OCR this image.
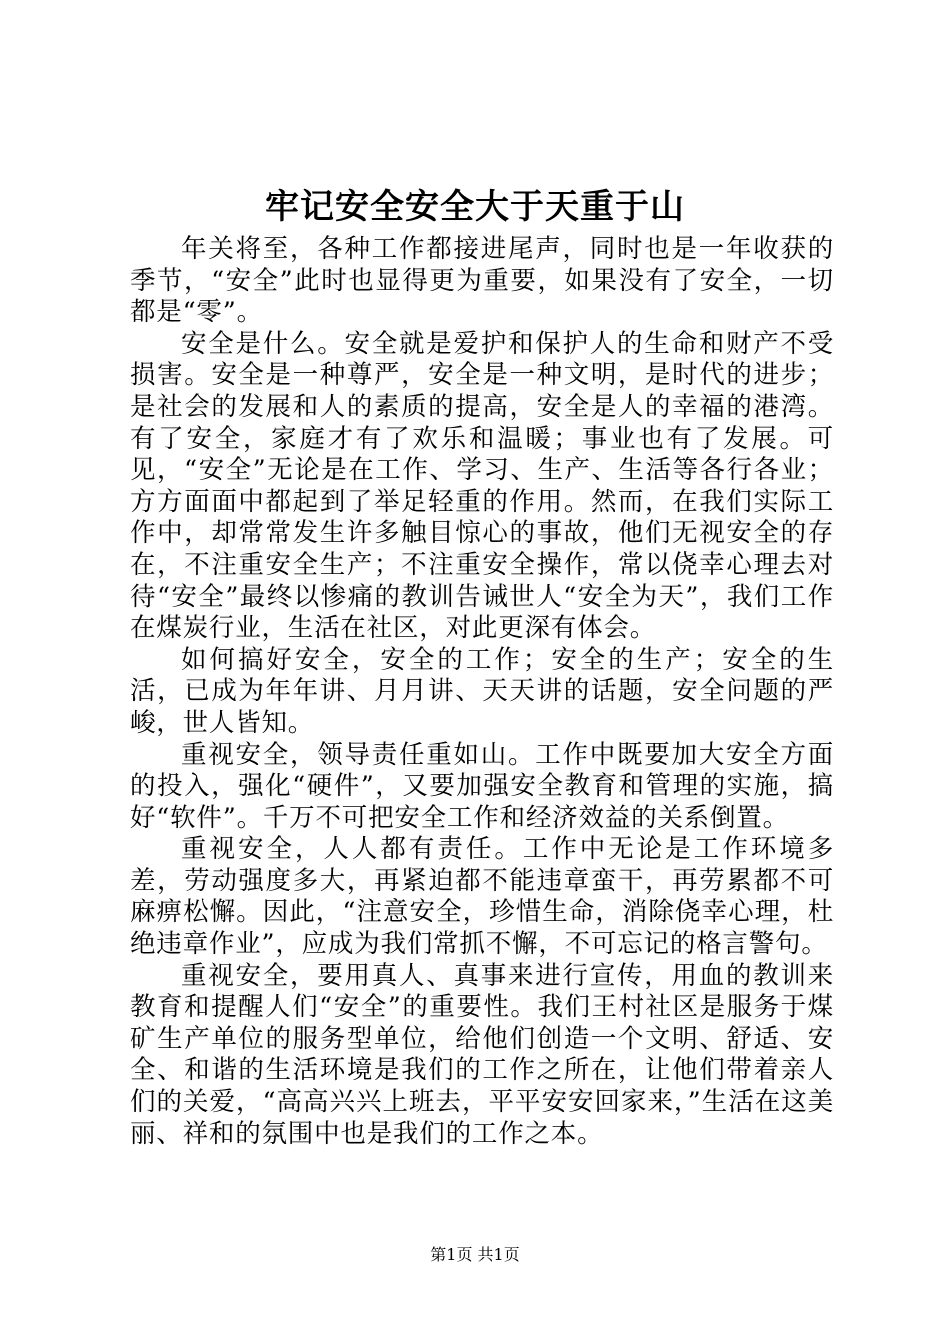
牢记安全安全大于天重于山

年关将至，各种工作都接进尾声，同时也是一年收获的季节，“安全”此时也显得更为重要，如果没有了安全，一切都是“零”。

安全是什么。安全就是爱护和保护人的生命和财产不受损害。安全是一种尊严，安全是一种文明，是时代的进步；是社会的发展和人的素质的提高，安全是人的幸福的港湾。有了安全，家庭才有了欢乐和温暖；事业也有了发展。可见，“安全”无论是在工作、学习、生产、生活等各行各业；方方面面中都起到了举足轻重的作用。然而，在我们实际工作中，却常常发生许多触目惊心的事故，他们无视安全的存在，不注重安全生产；不注重安全操作，常以侥幸心理去对待“安全”最终以惨痛的教训告诫世人“安全为天”，我们工作在煤炭行业，生活在社区，对此更深有体会。

如何搞好安全，安全的工作；安全的生产；安全的生活，已成为年年讲、月月讲、天天讲的话题，安全问题的严峻，世人皆知。

重视安全，领导责任重如山。工作中既要加大安全方面的投入，强化“硬件”，又要加强安全教育和管理的实施，搞好“软件”。千万不可把安全工作和经济效益的关系倒置。

重视安全，人人都有责任。工作中无论是工作环境多差，劳动强度多大，再紧迫都不能违章蛮干，再劳累都不可麻痹松懈。因此，“注意安全，珍惜生命，消除侥幸心理，杜绝违章作业”，应成为我们常抓不懈，不可忘记的格言警句。

重视安全，要用真人、真事来进行宣传，用血的教训来教育和提醒人们“安全”的重要性。我们王村社区是服务于煤矿生产单位的服务型单位，给他们创造一个文明、舒适、安全、和谐的生活环境是我们的工作之所在，让他们带着亲人们的关爱，“高高兴兴上班去，平平安安回家来，”生活在这美丽、祥和的氛围中也是我们的工作之本。

第1页 共1页
